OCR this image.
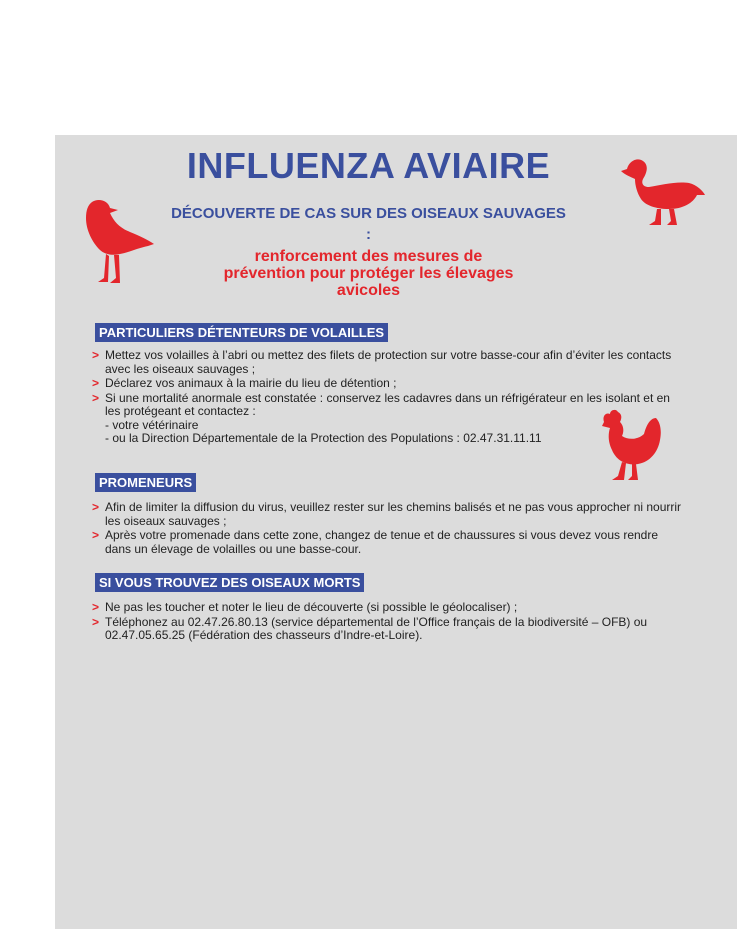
INFLUENZA AVIAIRE
DÉCOUVERTE DE CAS SUR DES OISEAUX SAUVAGES
:
renforcement des mesures de
prévention pour protéger les élevages
avicoles
PARTICULIERS DÉTENTEURS DE VOLAILLES
> Mettez vos volailles à l’abri ou mettez des filets de protection sur votre basse-cour afin d’éviter les contacts avec les oiseaux sauvages ;
> Déclarez vos animaux à la mairie du lieu de détention ;
> Si une mortalité anormale est constatée : conservez les cadavres dans un réfrigérateur en les isolant et en les protégeant et contactez :
- votre vétérinaire
- ou la Direction Départementale de la Protection des Populations : 02.47.31.11.11
PROMENEURS
> Afin de limiter la diffusion du virus, veuillez rester sur les chemins balisés et ne pas vous approcher ni nourrir les oiseaux sauvages ;
> Après votre promenade dans cette zone, changez de tenue et de chaussures si vous devez vous rendre dans un élevage de volailles ou une basse-cour.
SI VOUS TROUVEZ DES OISEAUX MORTS
> Ne pas les toucher et noter le lieu de découverte (si possible le géolocaliser) ;
> Téléphonez au 02.47.26.80.13 (service départemental de l’Office français de la biodiversité – OFB) ou 02.47.05.65.25 (Fédération des chasseurs d’Indre-et-Loire).
